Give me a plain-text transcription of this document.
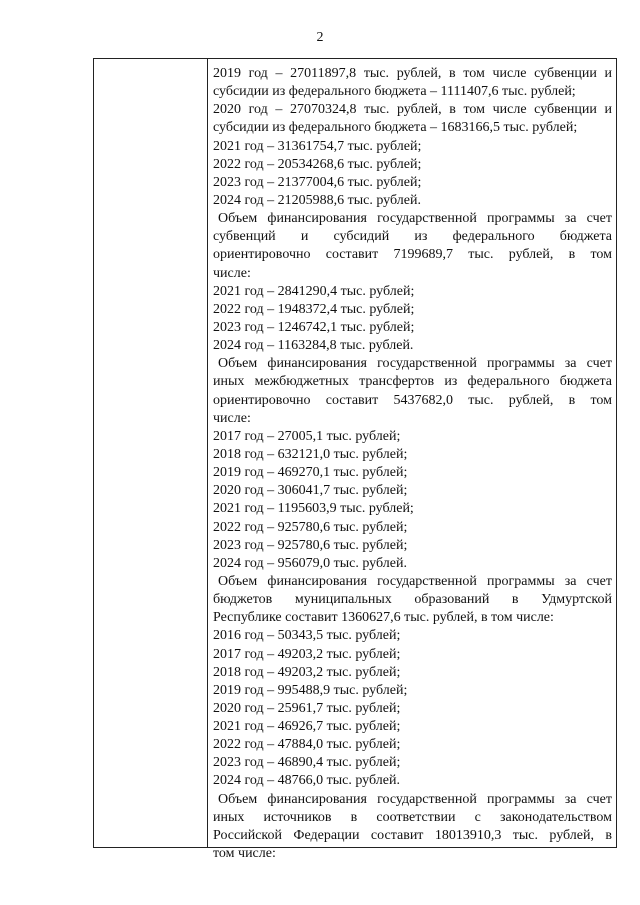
2
2019 год – 27011897,8 тыс. рублей, в том числе субвенции и
субсидии из федерального бюджета – 1111407,6 тыс. рублей;
2020 год – 27070324,8 тыс. рублей, в том числе субвенции и
субсидии из федерального бюджета – 1683166,5 тыс. рублей;
2021 год – 31361754,7 тыс. рублей;
2022 год – 20534268,6 тыс. рублей;
2023 год – 21377004,6 тыс. рублей;
2024 год – 21205988,6 тыс. рублей.
Объем финансирования государственной программы за счет
субвенций и субсидий из федерального бюджета
ориентировочно составит 7199689,7 тыс. рублей, в том
числе:
2021 год – 2841290,4 тыс. рублей;
2022 год – 1948372,4 тыс. рублей;
2023 год – 1246742,1 тыс. рублей;
2024 год – 1163284,8 тыс. рублей.
Объем финансирования государственной программы за счет
иных межбюджетных трансфертов из федерального бюджета
ориентировочно составит 5437682,0 тыс. рублей, в том
числе:
2017 год – 27005,1 тыс. рублей;
2018 год – 632121,0 тыс. рублей;
2019 год – 469270,1 тыс. рублей;
2020 год – 306041,7 тыс. рублей;
2021 год – 1195603,9 тыс. рублей;
2022 год – 925780,6 тыс. рублей;
2023 год – 925780,6 тыс. рублей;
2024 год – 956079,0 тыс. рублей.
Объем финансирования государственной программы за счет
бюджетов муниципальных образований в Удмуртской
Республике составит 1360627,6 тыс. рублей, в том числе:
2016 год – 50343,5 тыс. рублей;
2017 год – 49203,2 тыс. рублей;
2018 год – 49203,2 тыс. рублей;
2019 год – 995488,9 тыс. рублей;
2020 год – 25961,7 тыс. рублей;
2021 год – 46926,7 тыс. рублей;
2022 год – 47884,0 тыс. рублей;
2023 год – 46890,4 тыс. рублей;
2024 год – 48766,0 тыс. рублей.
Объем финансирования государственной программы за счет
иных источников в соответствии с законодательством
Российской Федерации составит 18013910,3 тыс. рублей, в
том числе:
